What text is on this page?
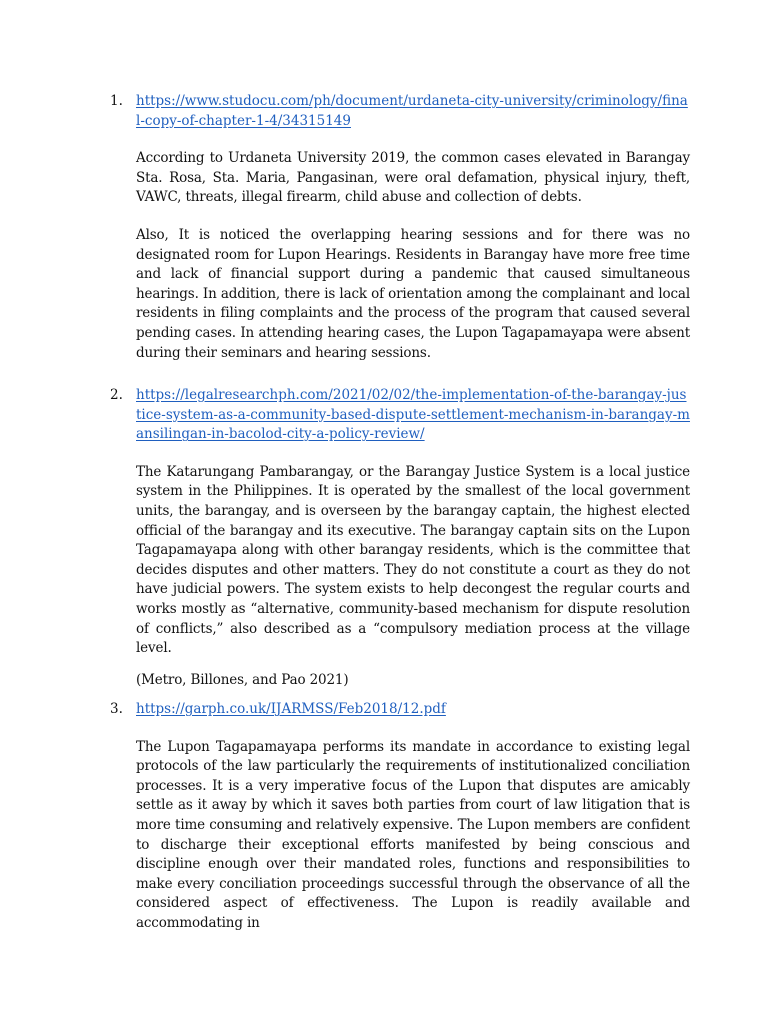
1. https://www.studocu.com/ph/document/urdaneta-city-university/criminology/final-copy-of-chapter-1-4/34315149

According to Urdaneta University 2019, the common cases elevated in Barangay Sta. Rosa, Sta. Maria, Pangasinan, were oral defamation, physical injury, theft, VAWC, threats, illegal firearm, child abuse and collection of debts.

Also, It is noticed the overlapping hearing sessions and for there was no designated room for Lupon Hearings. Residents in Barangay have more free time and lack of financial support during a pandemic that caused simultaneous hearings. In addition, there is lack of orientation among the complainant and local residents in filing complaints and the process of the program that caused several pending cases. In attending hearing cases, the Lupon Tagapamayapa were absent during their seminars and hearing sessions.

2. https://legalresearchph.com/2021/02/02/the-implementation-of-the-barangay-justice-system-as-a-community-based-dispute-settlement-mechanism-in-barangay-mansilingan-in-bacolod-city-a-policy-review/

The Katarungang Pambarangay, or the Barangay Justice System is a local justice system in the Philippines. It is operated by the smallest of the local government units, the barangay, and is overseen by the barangay captain, the highest elected official of the barangay and its executive. The barangay captain sits on the Lupon Tagapamayapa along with other barangay residents, which is the committee that decides disputes and other matters. They do not constitute a court as they do not have judicial powers. The system exists to help decongest the regular courts and works mostly as “alternative, community-based mechanism for dispute resolution of conflicts,” also described as a “compulsory mediation process at the village level.

(Metro, Billones, and Pao 2021)

3. https://garph.co.uk/IJARMSS/Feb2018/12.pdf

The Lupon Tagapamayapa performs its mandate in accordance to existing legal protocols of the law particularly the requirements of institutionalized conciliation processes. It is a very imperative focus of the Lupon that disputes are amicably settle as it away by which it saves both parties from court of law litigation that is more time consuming and relatively expensive. The Lupon members are confident to discharge their exceptional efforts manifested by being conscious and discipline enough over their mandated roles, functions and responsibilities to make every conciliation proceedings successful through the observance of all the considered aspect of effectiveness. The Lupon is readily available and accommodating in
